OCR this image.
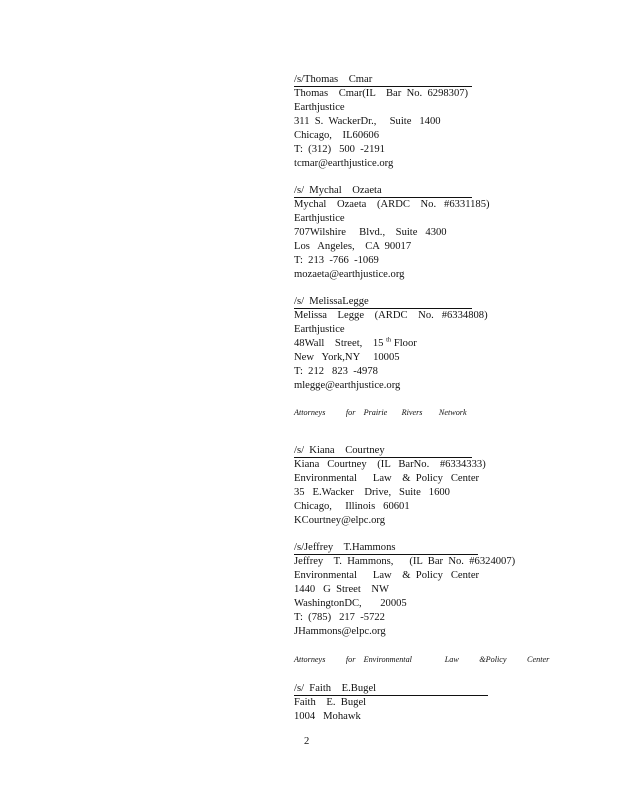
/s/Thomas    Cmar
Thomas    Cmar(IL    Bar  No.  6298307)
Earthjustice
311  S.  WackerDr.,     Suite   1400
Chicago,    IL60606
T:  (312)   500  -2191
tcmar@earthjustice.org
/s/  Mychal    Ozaeta
Mychal    Ozaeta    (ARDC    No.   #6331185)
Earthjustice
707Wilshire     Blvd.,    Suite   4300
Los   Angeles,    CA  90017
T:  213  -766  -1069
mozaeta@earthjustice.org
/s/  MelissaLegge
Melissa    Legge    (ARDC    No.   #6334808)
Earthjustice
48Wall    Street,    15 $^{th}$ Floor
New   York,NY     10005
T:  212   823  -4978
mlegge@earthjustice.org
Attorneys          for    Prairie       Rivers        Network
/s/  Kiana    Courtney
Kiana   Courtney    (IL   BarNo.    #6334333)
Environmental      Law    &  Policy   Center
35   E.Wacker    Drive,   Suite   1600
Chicago,     Illinois   60601
KCourtney@elpc.org
/s/Jeffrey    T.Hammons
Jeffrey    T.  Hammons,      (IL  Bar  No.  #6324007)
Environmental      Law    &  Policy   Center
1440   G  Street    NW
WashingtonDC,       20005
T:  (785)   217  -5722
JHammons@elpc.org
Attorneys          for    Environmental                Law          &Policy          Center
/s/  Faith    E.Bugel
Faith    E.  Bugel
1004   Mohawk
2
